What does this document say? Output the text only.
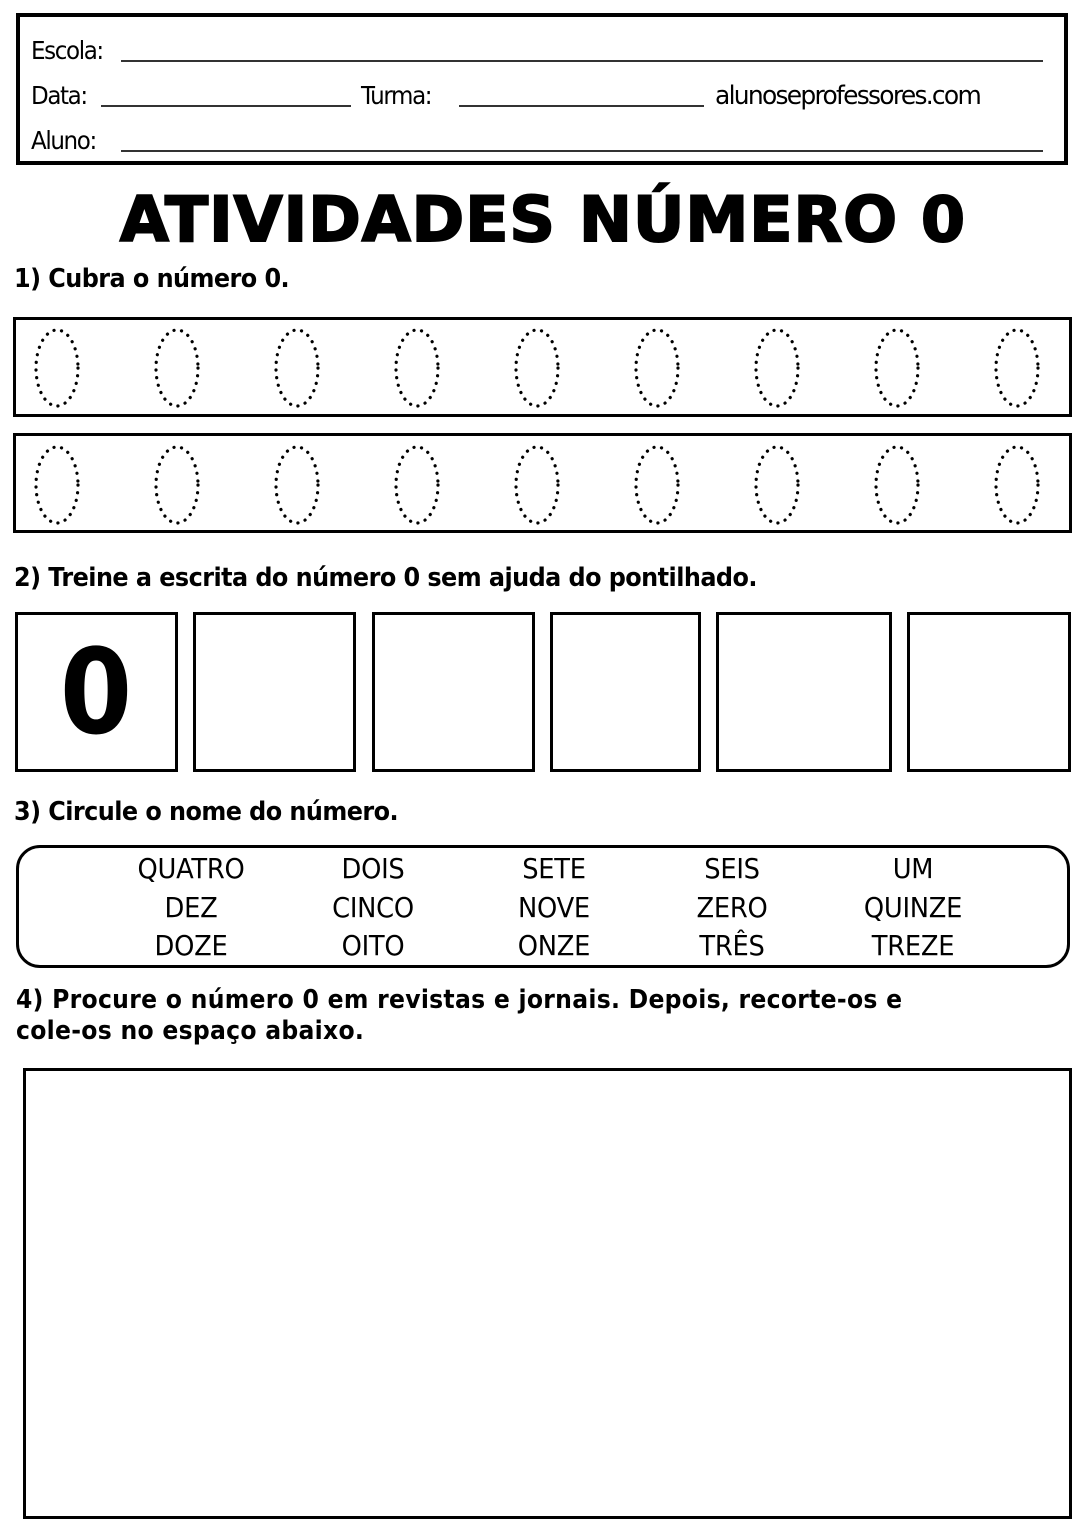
Escola:
Data:	Turma:	alunoseprofessores.com
Aluno:
ATIVIDADES NÚMERO 0
1) Cubra o número 0.
2) Treine a escrita do número 0 sem ajuda do pontilhado.
0
3) Circule o nome do número.
QUATRO	DOIS	SETE	SEIS	UM
DEZ	CINCO	NOVE	ZERO	QUINZE
DOZE	OITO	ONZE	TRÊS	TREZE
4) Procure o número 0 em revistas e jornais. Depois, recorte-os e
cole-os no espaço abaixo.
